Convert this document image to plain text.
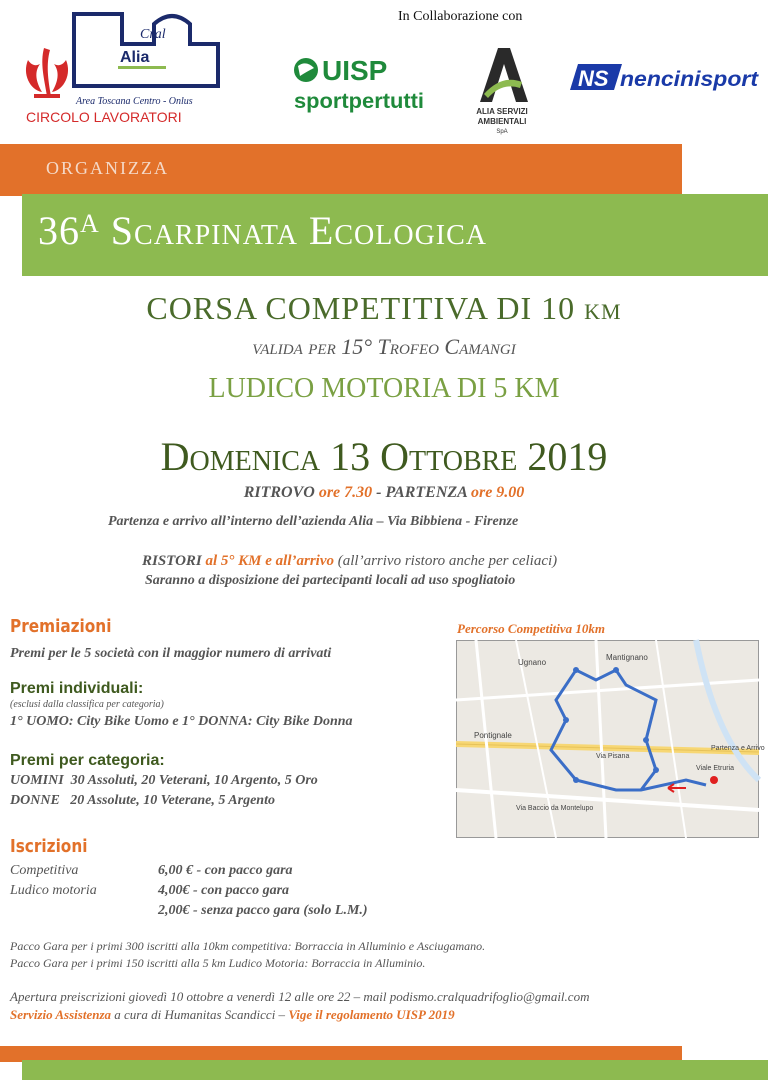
Cral
Alia
Area Toscana Centro - Onlus
CIRCOLO LAVORATORI
In Collaborazione con
UISP
sportpertutti	ALIA SERVIZI
AMBIENTALI
SpA
NS nencinisport
ORGANIZZA
$36^A$ Scarpinata Ecologica
CORSA COMPETITIVA DI 10 km
valida per 15° Trofeo Camangi
LUDICO MOTORIA DI 5 KM
Domenica 13 Ottobre 2019
RITROVO ore 7.30 - PARTENZA ore 9.00
Partenza e arrivo all’interno dell’azienda Alia – Via Bibbiena - Firenze
RISTORI al 5° KM e all’arrivo (all’arrivo ristoro anche per celiaci)
Saranno a disposizione dei partecipanti locali ad uso spogliatoio
Premiazioni
Premi per le 5 società con il maggior numero di arrivati
Premi individuali:
(esclusi dalla classifica per categoria)
1° UOMO: City Bike Uomo e 1° DONNA: City Bike Donna
Premi per categoria:
UOMINI  30 Assoluti, 20 Veterani, 10 Argento, 5 Oro
DONNE   20 Assolute, 10 Veterane, 5 Argento
Percorso Competitiva 10km
Ugnano
Mantignano
Pontignale
Partenza e Arrivo
Via Pisana
Via Baccio da Montelupo
Viale Etruria
Iscrizioni
Competitiva	6,00 € - con pacco gara
Ludico motoria	4,00€ - con pacco gara
2,00€ - senza pacco gara (solo L.M.)
Pacco Gara per i primi 300 iscritti alla 10km competitiva: Borraccia in Alluminio e Asciugamano.
Pacco Gara per i primi 150 iscritti alla 5 km Ludico Motoria: Borraccia in Alluminio.
Apertura preiscrizioni giovedì 10 ottobre a venerdì 12 alle ore 22 – mail podismo.cralquadrifoglio@gmail.com
Servizio Assistenza a cura di Humanitas Scandicci – Vige il regolamento UISP 2019
